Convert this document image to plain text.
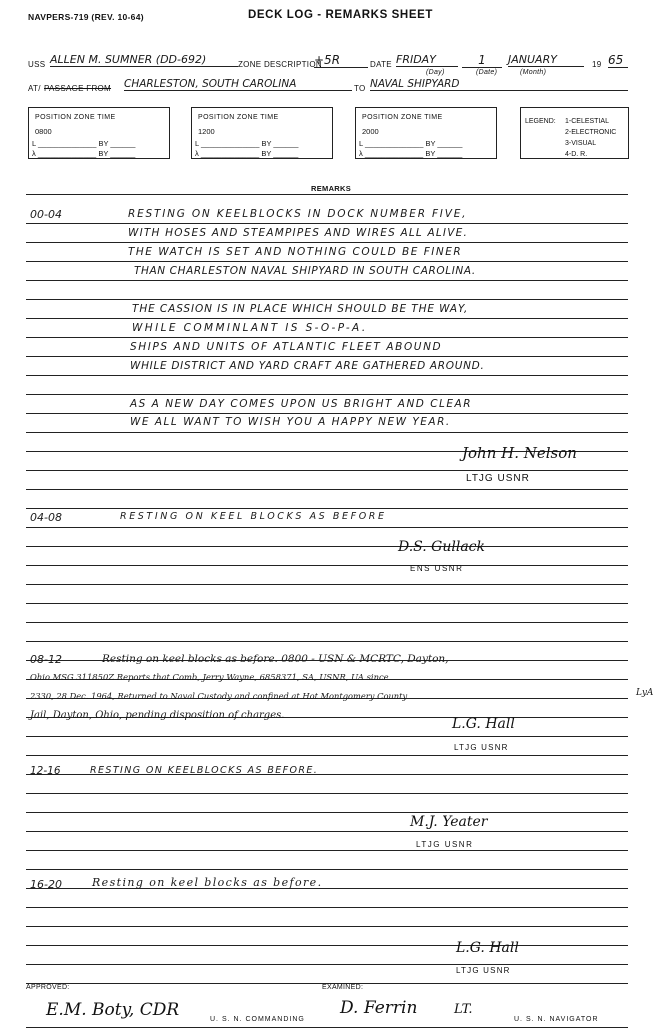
NAVPERS-719 (REV. 10-64)	DECK LOG - REMARKS SHEET
USS ALLEN M. SUMNER (DD-692)	ZONE DESCRIPTION
+5R	DATE FRIDAY	1	JANUARY	19 65
(Day)	(Date)	(Month)
AT/ PASSAGE FROM CHARLESTON, SOUTH CAROLINA	TO NAVAL SHIPYARD
POSITION ZONE TIME
0800
L ______________ BY ______
λ ______________ BY ______
POSITION ZONE TIME
1200
L ______________ BY ______
λ ______________ BY ______
POSITION ZONE TIME
2000
L ______________ BY ______
λ ______________ BY ______
LEGEND: 1-CELESTIAL
2-ELECTRONIC
3-VISUAL
4-D. R.
REMARKS
00-04	RESTING ON KEELBLOCKS IN DOCK NUMBER FIVE,
WITH HOSES AND STEAMPIPES AND WIRES ALL ALIVE.
THE WATCH IS SET AND NOTHING COULD BE FINER
THAN CHARLESTON NAVAL SHIPYARD IN SOUTH CAROLINA.
THE CASSION IS IN PLACE WHICH SHOULD BE THE WAY,
WHILE COMMINLANT IS S-O-P-A.
SHIPS AND UNITS OF ATLANTIC FLEET ABOUND
WHILE DISTRICT AND YARD CRAFT ARE GATHERED AROUND.
AS A NEW DAY COMES UPON US BRIGHT AND CLEAR
WE ALL WANT TO WISH YOU A HAPPY NEW YEAR.
John H. Nelson
LTJG USNR
04-08	RESTING ON KEEL BLOCKS AS BEFORE
D.S. Gullack
ENS USNR
08-12	Resting on keel blocks as before. 0800 - USN & MCRTC, Dayton,
Ohio MSG 311850Z Reports that Comb, Jerry Wayne, 6858371, SA, USNR, UA since
2330, 28 Dec. 1964, Returned to Naval Custody and confined at Hot Montgomery County	LyA
Jail, Dayton, Ohio, pending disposition of charges.
L.G. Hall
LTJG USNR
12-16	RESTING ON KEELBLOCKS AS BEFORE.
M.J. Yeater
LTJG USNR
16-20	Resting on keel blocks as before.
L.G. Hall
LTJG USNR
APPROVED:
E.M. Boty, CDR	U. S. N. COMMANDING
EXAMINED:
D. Ferrin	LT.
U. S. N. NAVIGATOR
